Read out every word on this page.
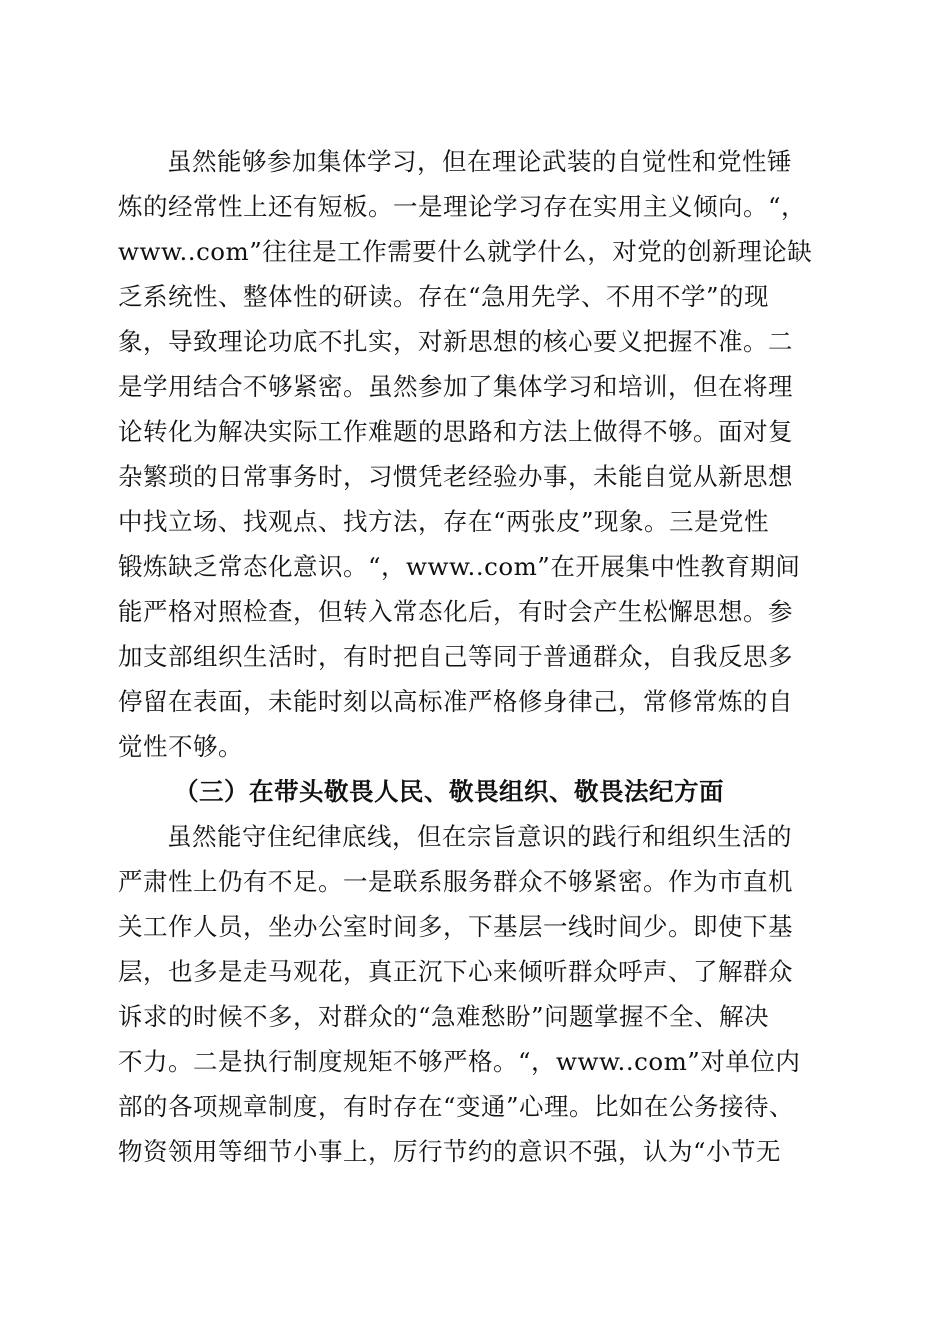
虽然能够参加集体学习，但在理论武装的自觉性和党性锤
炼的经常性上还有短板。一是理论学习存在实用主义倾向。“，
www..com”往往是工作需要什么就学什么，对党的创新理论缺
乏系统性、整体性的研读。存在“急用先学、不用不学”的现
象，导致理论功底不扎实，对新思想的核心要义把握不准。二
是学用结合不够紧密。虽然参加了集体学习和培训，但在将理
论转化为解决实际工作难题的思路和方法上做得不够。面对复
杂繁琐的日常事务时，习惯凭老经验办事，未能自觉从新思想
中找立场、找观点、找方法，存在“两张皮”现象。三是党性
锻炼缺乏常态化意识。“，www..com”在开展集中性教育期间
能严格对照检查，但转入常态化后，有时会产生松懈思想。参
加支部组织生活时，有时把自己等同于普通群众，自我反思多
停留在表面，未能时刻以高标准严格修身律己，常修常炼的自
觉性不够。
（三）在带头敬畏人民、敬畏组织、敬畏法纪方面
虽然能守住纪律底线，但在宗旨意识的践行和组织生活的
严肃性上仍有不足。一是联系服务群众不够紧密。作为市直机
关工作人员，坐办公室时间多，下基层一线时间少。即使下基
层，也多是走马观花，真正沉下心来倾听群众呼声、了解群众
诉求的时候不多，对群众的“急难愁盼”问题掌握不全、解决
不力。二是执行制度规矩不够严格。“，www..com”对单位内
部的各项规章制度，有时存在“变通”心理。比如在公务接待、
物资领用等细节小事上，厉行节约的意识不强，认为“小节无
